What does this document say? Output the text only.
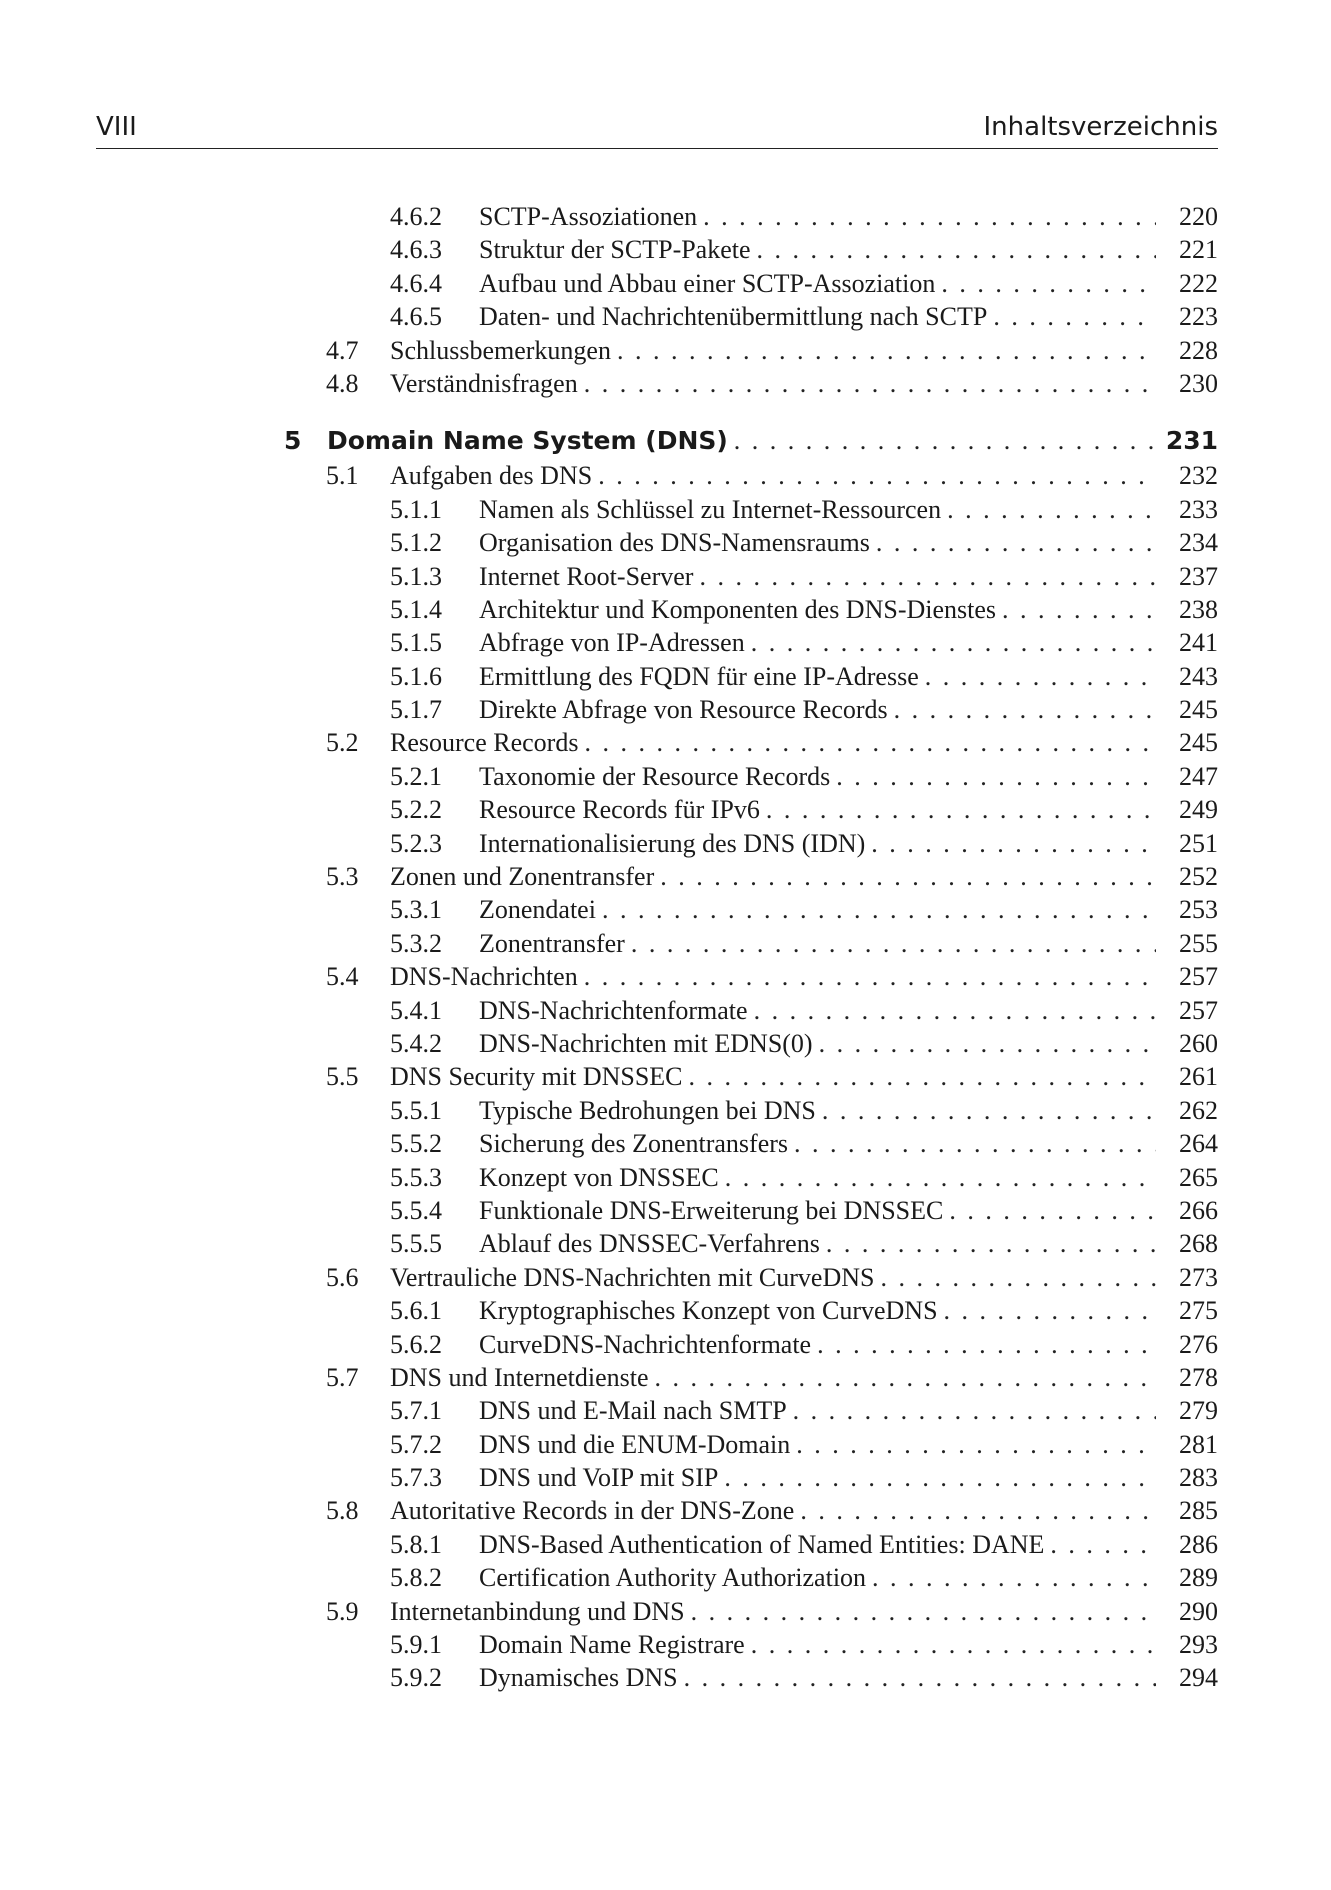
VIII	Inhaltsverzeichnis
4.6.2 SCTP-Assoziationen . . .	220
4.6.3 Struktur der SCTP-Pakete . . .	221
4.6.4 Aufbau und Abbau einer SCTP-Assoziation . . .	222
4.6.5 Daten- und Nachrichtenübermittlung nach SCTP . . .	223
4.7 Schlussbemerkungen . . .	228
4.8 Verständnisfragen . . .	230
5 Domain Name System (DNS) . . .	231
5.1 Aufgaben des DNS . . .	232
5.1.1 Namen als Schlüssel zu Internet-Ressourcen . . .	233
5.1.2 Organisation des DNS-Namensraums . . .	234
5.1.3 Internet Root-Server . . .	237
5.1.4 Architektur und Komponenten des DNS-Dienstes . . .	238
5.1.5 Abfrage von IP-Adressen . . .	241
5.1.6 Ermittlung des FQDN für eine IP-Adresse . . .	243
5.1.7 Direkte Abfrage von Resource Records . . .	245
5.2 Resource Records . . .	245
5.2.1 Taxonomie der Resource Records . . .	247
5.2.2 Resource Records für IPv6 . . .	249
5.2.3 Internationalisierung des DNS (IDN) . . .	251
5.3 Zonen und Zonentransfer . . .	252
5.3.1 Zonendatei . . .	253
5.3.2 Zonentransfer . . .	255
5.4 DNS-Nachrichten . . .	257
5.4.1 DNS-Nachrichtenformate . . .	257
5.4.2 DNS-Nachrichten mit EDNS(0) . . .	260
5.5 DNS Security mit DNSSEC . . .	261
5.5.1 Typische Bedrohungen bei DNS . . .	262
5.5.2 Sicherung des Zonentransfers . . .	264
5.5.3 Konzept von DNSSEC . . .	265
5.5.4 Funktionale DNS-Erweiterung bei DNSSEC . . .	266
5.5.5 Ablauf des DNSSEC-Verfahrens . . .	268
5.6 Vertrauliche DNS-Nachrichten mit CurveDNS . . .	273
5.6.1 Kryptographisches Konzept von CurveDNS . . .	275
5.6.2 CurveDNS-Nachrichtenformate . . .	276
5.7 DNS und Internetdienste . . .	278
5.7.1 DNS und E-Mail nach SMTP . . .	279
5.7.2 DNS und die ENUM-Domain . . .	281
5.7.3 DNS und VoIP mit SIP . . .	283
5.8 Autoritative Records in der DNS-Zone . . .	285
5.8.1 DNS-Based Authentication of Named Entities: DANE . . .	286
5.8.2 Certification Authority Authorization . . .	289
5.9 Internetanbindung und DNS . . .	290
5.9.1 Domain Name Registrare . . .	293
5.9.2 Dynamisches DNS . . .	294
